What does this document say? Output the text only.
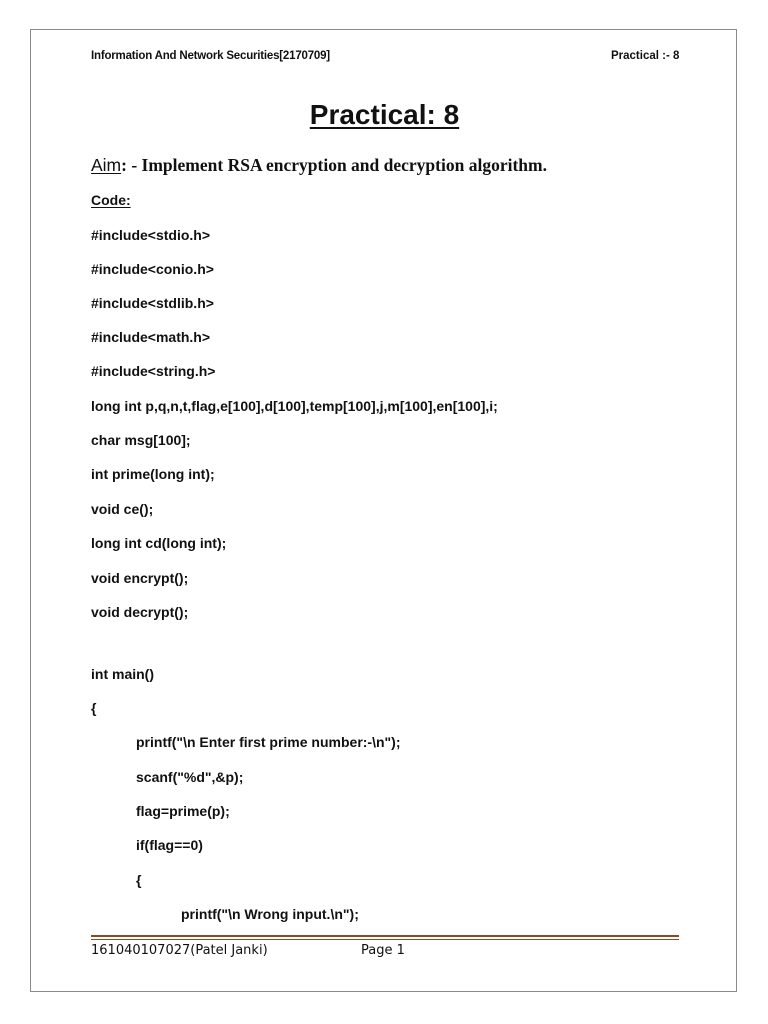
Information And Network Securities[2170709]	Practical :- 8
Practical: 8
Aim: - Implement RSA encryption and decryption algorithm.
Code:
#include<stdio.h>
#include<conio.h>
#include<stdlib.h>
#include<math.h>
#include<string.h>
long int p,q,n,t,flag,e[100],d[100],temp[100],j,m[100],en[100],i;
char msg[100];
int prime(long int);
void ce();
long int cd(long int);
void encrypt();
void decrypt();
int main()
{
printf("\n Enter first prime number:-\n");
scanf("%d",&p);
flag=prime(p);
if(flag==0)
{
printf("\n Wrong input.\n");
161040107027(Patel Janki)	Page 1
